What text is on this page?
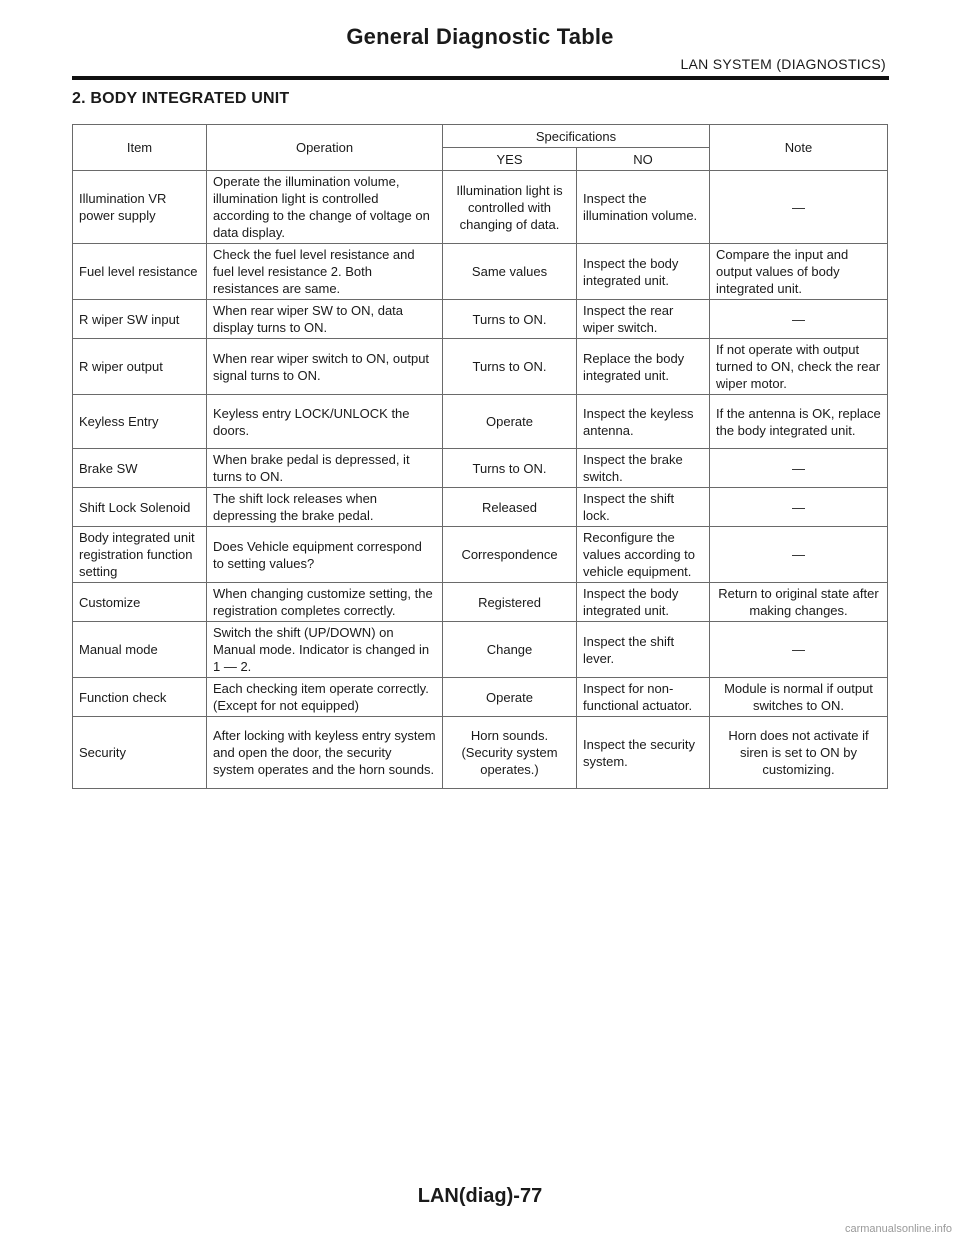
General Diagnostic Table
LAN SYSTEM (DIAGNOSTICS)
2. BODY INTEGRATED UNIT
Item	Operation	Specifications		Note
		YES	NO	
Illumination VR power supply	Operate the illumination volume, illumination light is controlled according to the change of voltage on data display.	Illumination light is controlled with changing of data.	Inspect the illumination volume.	—
Fuel level resistance	Check the fuel level resistance and fuel level resistance 2. Both resistances are same.	Same values	Inspect the body integrated unit.	Compare the input and output values of body integrated unit.
R wiper SW input	When rear wiper SW to ON, data display turns to ON.	Turns to ON.	Inspect the rear wiper switch.	—
R wiper output	When rear wiper switch to ON, output signal turns to ON.	Turns to ON.	Replace the body integrated unit.	If not operate with output turned to ON, check the rear wiper motor.
Keyless Entry	Keyless entry LOCK/UNLOCK the doors.	Operate	Inspect the keyless antenna.	If the antenna is OK, replace the body integrated unit.
Brake SW	When brake pedal is depressed, it turns to ON.	Turns to ON.	Inspect the brake switch.	—
Shift Lock Solenoid	The shift lock releases when depressing the brake pedal.	Released	Inspect the shift lock.	—
Body integrated unit registration function setting	Does Vehicle equipment correspond to setting values?	Correspondence	Reconfigure the values according to vehicle equipment.	—
Customize	When changing customize setting, the registration completes correctly.	Registered	Inspect the body integrated unit.	Return to original state after making changes.
Manual mode	Switch the shift (UP/DOWN) on Manual mode. Indicator is changed in 1 — 2.	Change	Inspect the shift lever.	—
Function check	Each checking item operate correctly. (Except for not equipped)	Operate	Inspect for non-functional actuator.	Module is normal if output switches to ON.
Security	After locking with keyless entry system and open the door, the security system operates and the horn sounds.	Horn sounds. (Security system operates.)	Inspect the security system.	Horn does not activate if siren is set to ON by customizing.
LAN(diag)-77
carmanualsonline.info
